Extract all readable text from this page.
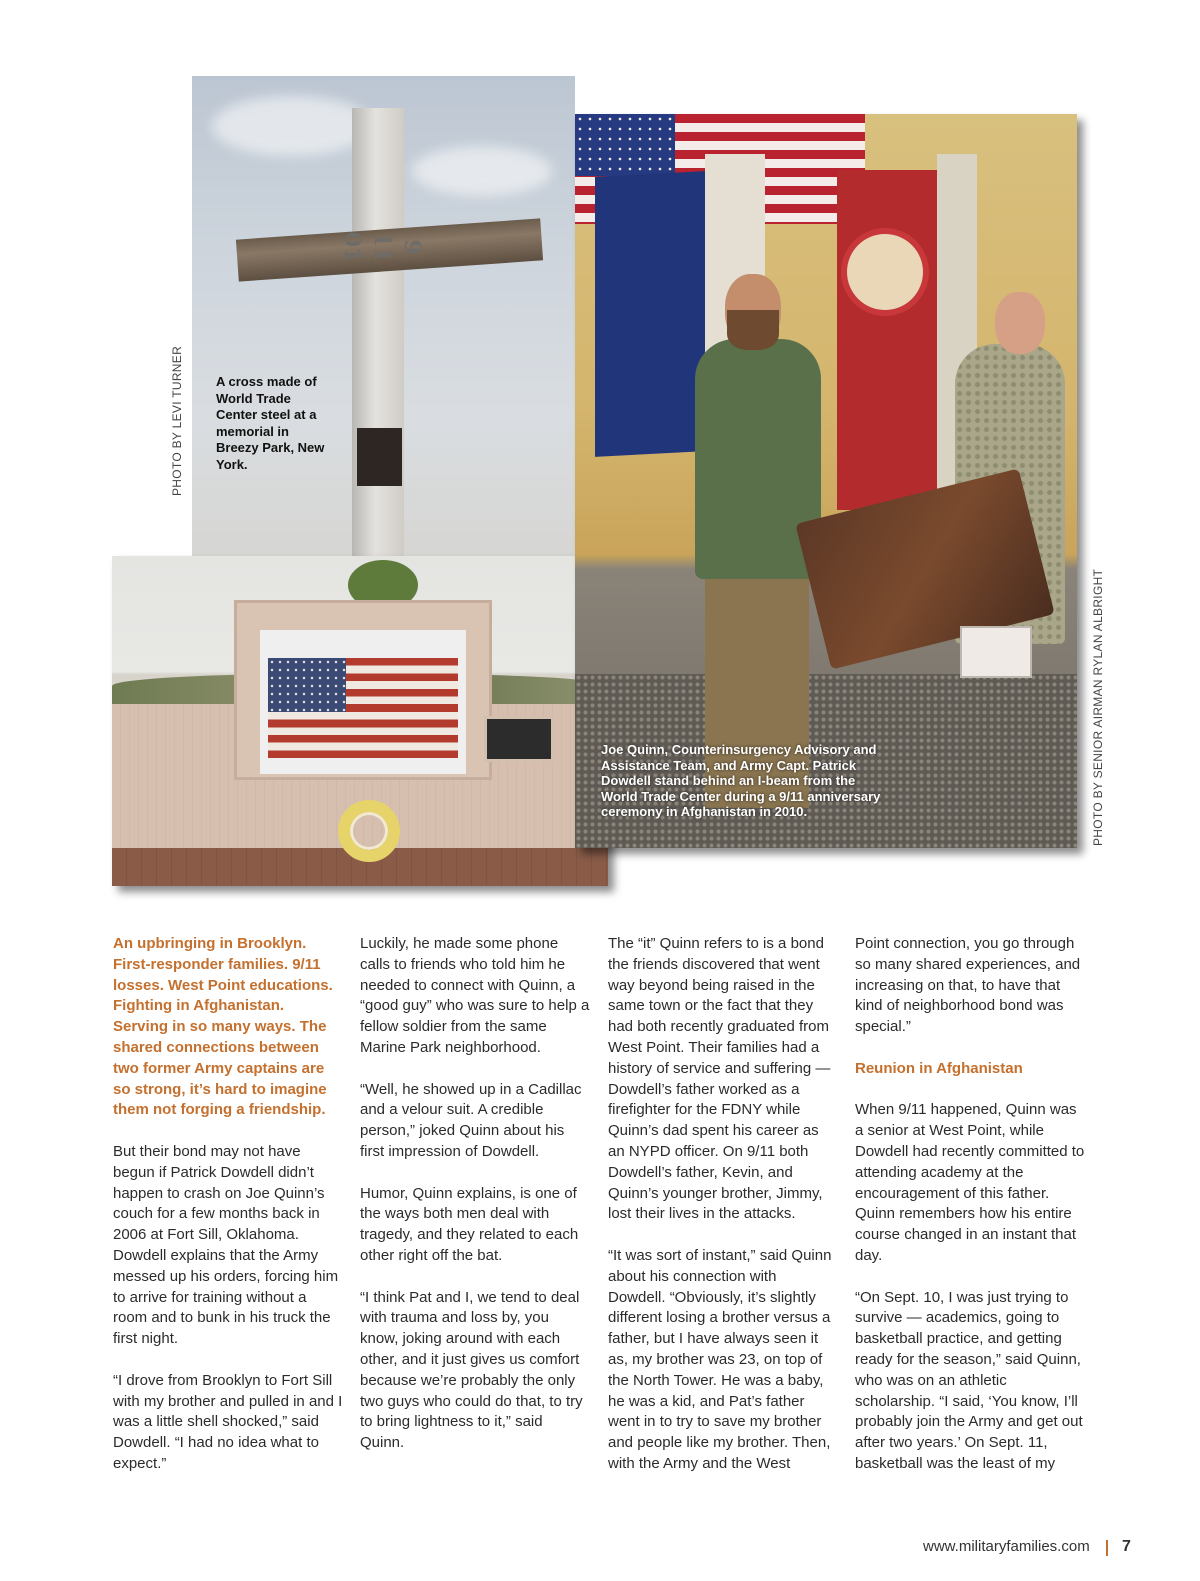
9 11 01
A cross made of World Trade Center steel at a memorial in Breezy Park, New York.
PHOTO BY LEVI TURNER
Joe Quinn, Counterinsurgency Advisory and Assistance Team, and Army Capt. Patrick Dowdell stand behind an I-beam from the World Trade Center during a 9/11 anniversary ceremony in Afghanistan in 2010.	PHOTO BY SENIOR AIRMAN RYLAN ALBRIGHT

An upbringing in Brooklyn. First-responder families. 9/11 losses. West Point educations. Fighting in Afghanistan. Serving in so many ways. The shared connections between two former Army captains are so strong, it’s hard to imagine them not forging a friendship.

But their bond may not have begun if Patrick Dowdell didn’t happen to crash on Joe Quinn’s couch for a few months back in 2006 at Fort Sill, Oklahoma. Dowdell explains that the Army messed up his orders, forcing him to arrive for training without a room and to bunk in his truck the first night.

“I drove from Brooklyn to Fort Sill with my brother and pulled in and I was a little shell shocked,” said Dowdell. “I had no idea what to expect.”

Luckily, he made some phone calls to friends who told him he needed to connect with Quinn, a “good guy” who was sure to help a fellow soldier from the same Marine Park neighborhood.

“Well, he showed up in a Cadillac and a velour suit. A credible person,” joked Quinn about his first impression of Dowdell.

Humor, Quinn explains, is one of the ways both men deal with tragedy, and they related to each other right off the bat.

“I think Pat and I, we tend to deal with trauma and loss by, you know, joking around with each other, and it just gives us comfort because we’re probably the only two guys who could do that, to try to bring lightness to it,” said Quinn.

The “it” Quinn refers to is a bond the friends discovered that went way beyond being raised in the same town or the fact that they had both recently graduated from West Point. Their families had a history of service and suffering — Dowdell’s father worked as a firefighter for the FDNY while Quinn’s dad spent his career as an NYPD officer. On 9/11 both Dowdell’s father, Kevin, and Quinn’s younger brother, Jimmy, lost their lives in the attacks.

“It was sort of instant,” said Quinn about his connection with Dowdell. “Obviously, it’s slightly different losing a brother versus a father, but I have always seen it as, my brother was 23, on top of the North Tower. He was a baby, he was a kid, and Pat’s father went in to try to save my brother and people like my brother. Then, with the Army and the West

Point connection, you go through so many shared experiences, and increasing on that, to have that kind of neighborhood bond was special.”

Reunion in Afghanistan

When 9/11 happened, Quinn was a senior at West Point, while Dowdell had recently committed to attending academy at the encouragement of this father. Quinn remembers how his entire course changed in an instant that day.

“On Sept. 10, I was just trying to survive — academics, going to basketball practice, and getting ready for the season,” said Quinn, who was on an athletic scholarship. “I said, ‘You know, I’ll probably join the Army and get out after two years.’ On Sept. 11, basketball was the least of my

www.militaryfamilies.com 7
